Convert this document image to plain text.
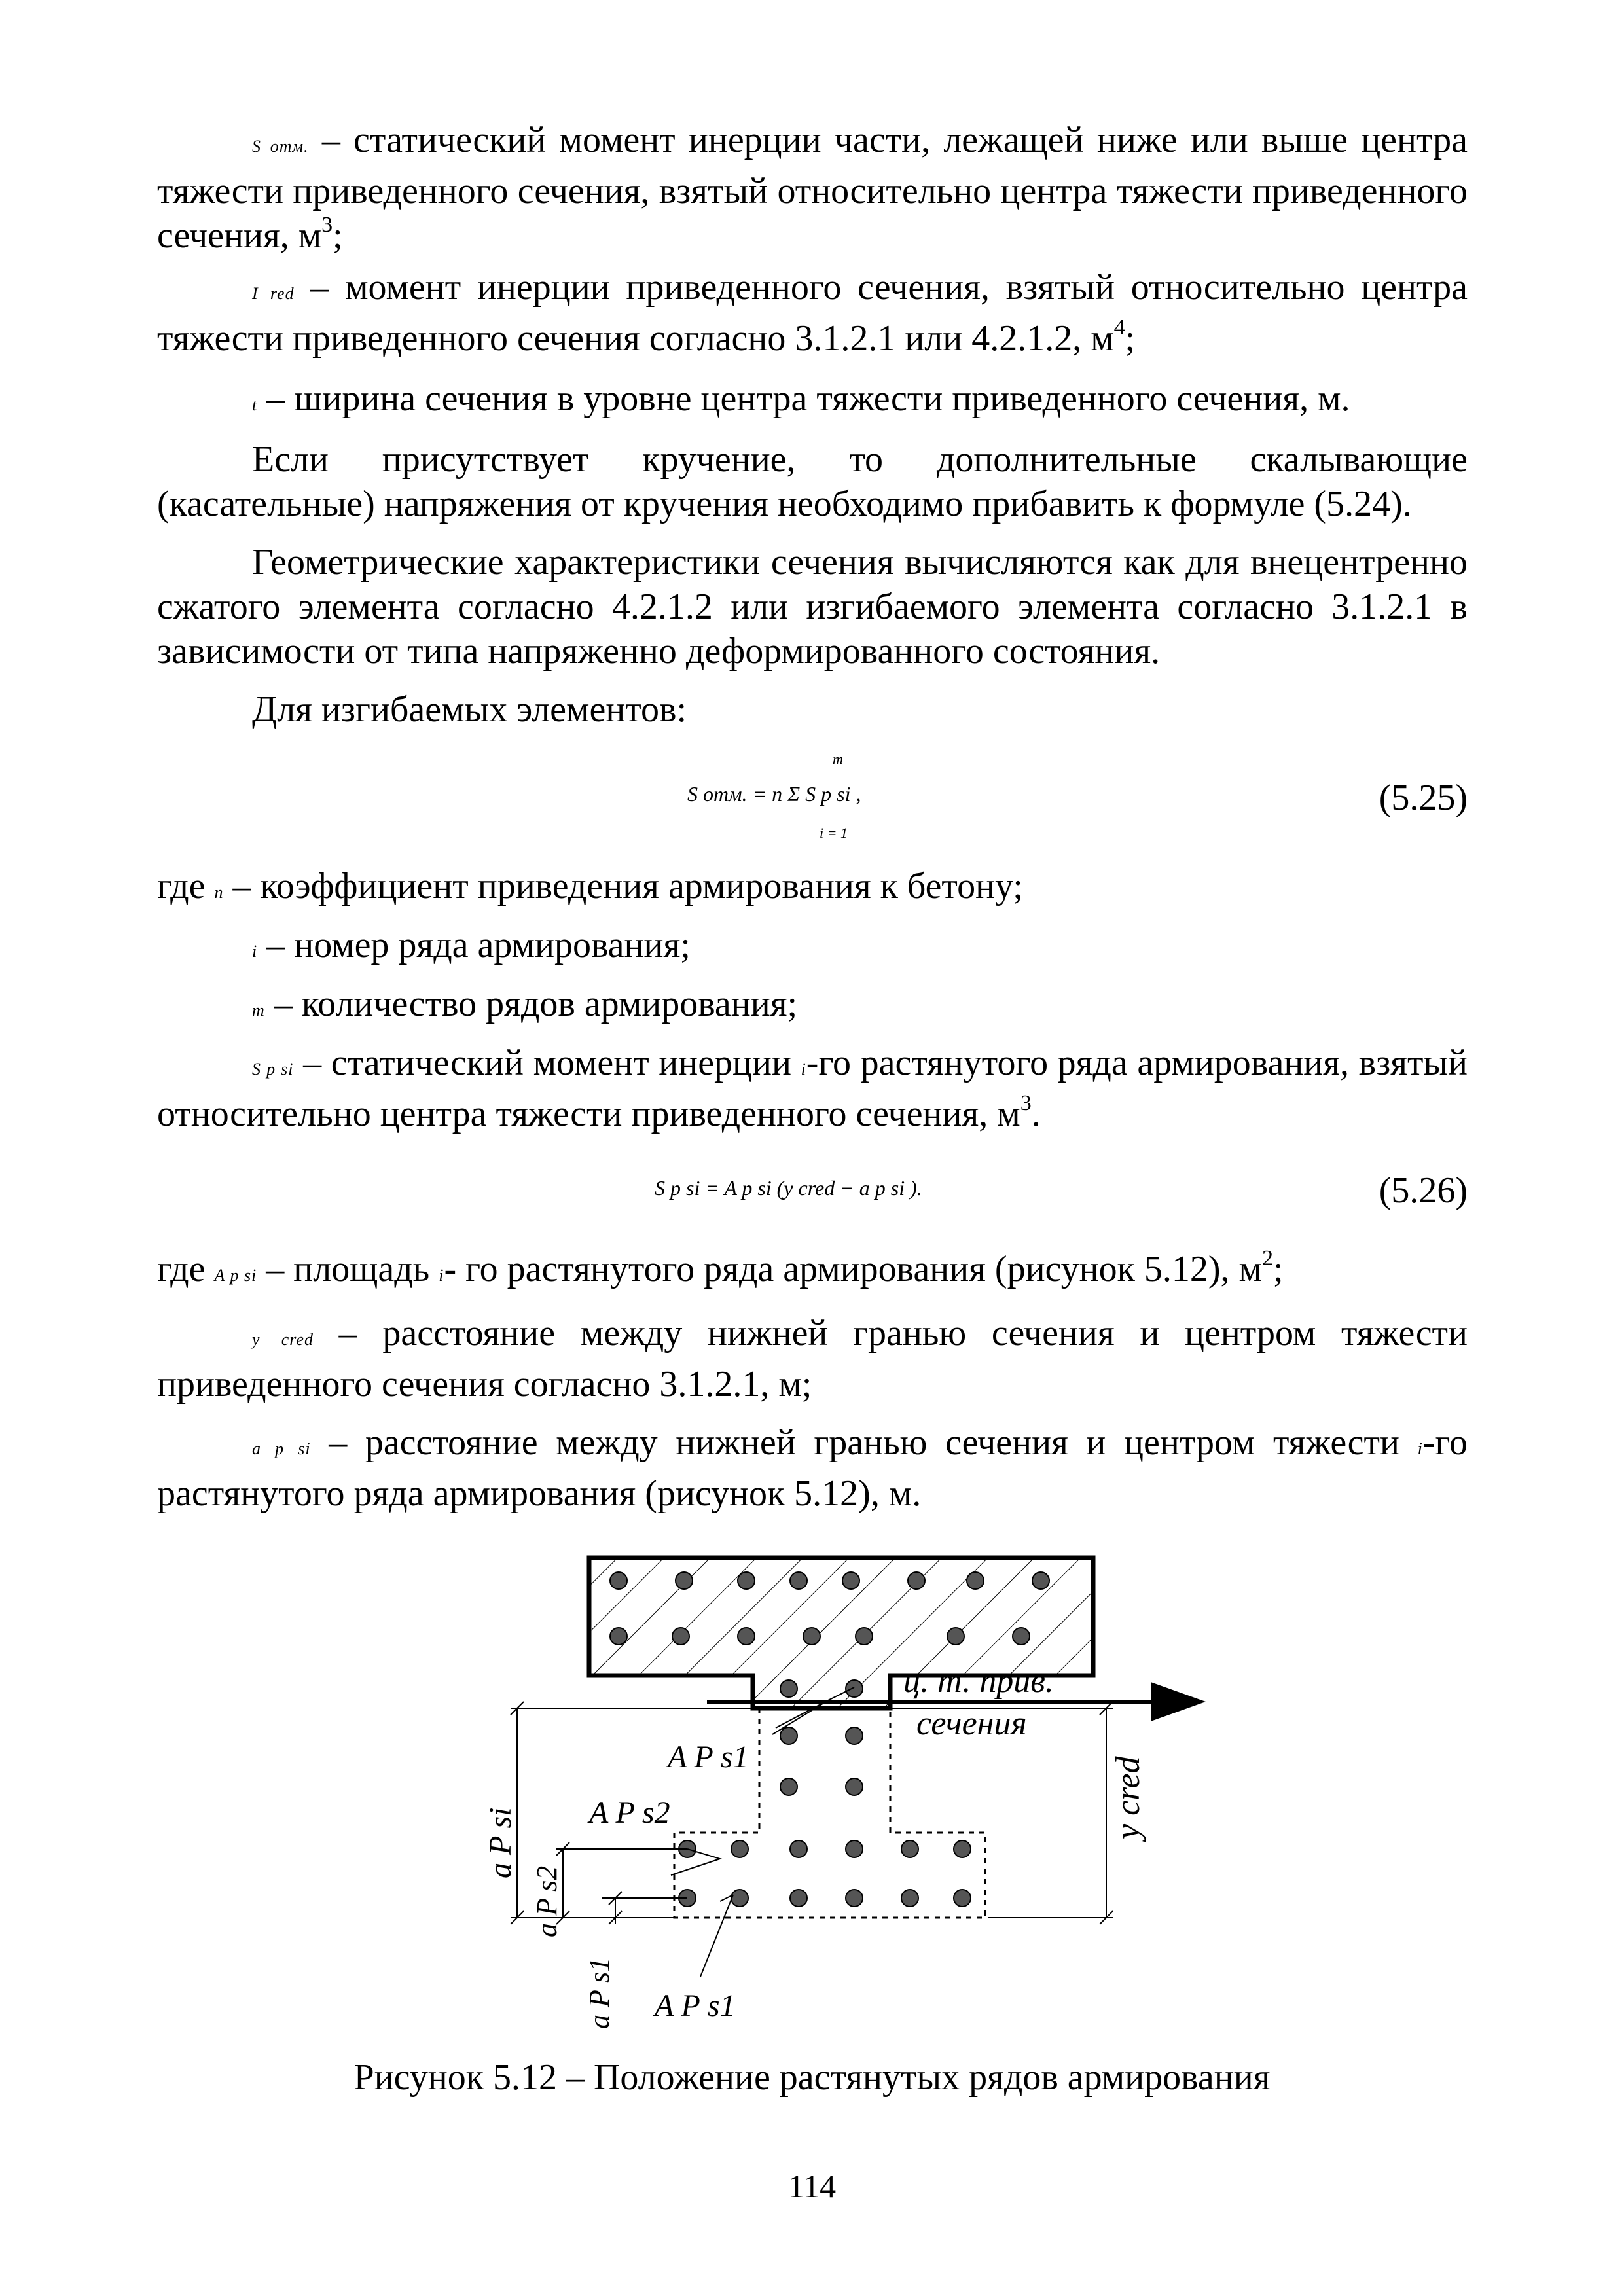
S отм. – статический момент инерции части, лежащей ниже или выше центра тяжести приведенного сечения, взятый относительно центра тяжести приведенного сечения, $м^3$;
I red – момент инерции приведенного сечения, взятый относительно центра тяжести приведенного сечения согласно 3.1.2.1 или 4.2.1.2, $м^4$;
t – ширина сечения в уровне центра тяжести приведенного сечения, м.
Если присутствует кручение, то дополнительные скалывающие (касательные) напряжения от кручения необходимо прибавить к формуле (5.24).
Геометрические характеристики сечения вычисляются как для внецентренно сжатого элемента согласно 4.2.1.2 или изгибаемого элемента согласно 3.1.2.1 в зависимости от типа напряженно деформированного состояния.
Для изгибаемых элементов:
m
S отм. = n Σ S p si ,
i = 1
(5.25)
где n – коэффициент приведения армирования к бетону;
i – номер ряда армирования;
m – количество рядов армирования;
S p si – статический момент инерции i-го растянутого ряда армирования, взятый относительно центра тяжести приведенного сечения, $м^3$.
S p si = A p si (y cred − a p si ).	(5.26)
где A p si – площадь i- го растянутого ряда армирования (рисунок 5.12), $м^2$;
y cred – расстояние между нижней гранью сечения и центром тяжести приведенного сечения согласно 3.1.2.1, м;
a p si – расстояние между нижней гранью сечения и центром тяжести i-го растянутого ряда армирования (рисунок 5.12), м.
ц. т. прив.
сечения
y cred
a P si
a P s2
a P s1
A P s1
A P s2
A P s1
Рисунок 5.12 – Положение растянутых рядов армирования
114
